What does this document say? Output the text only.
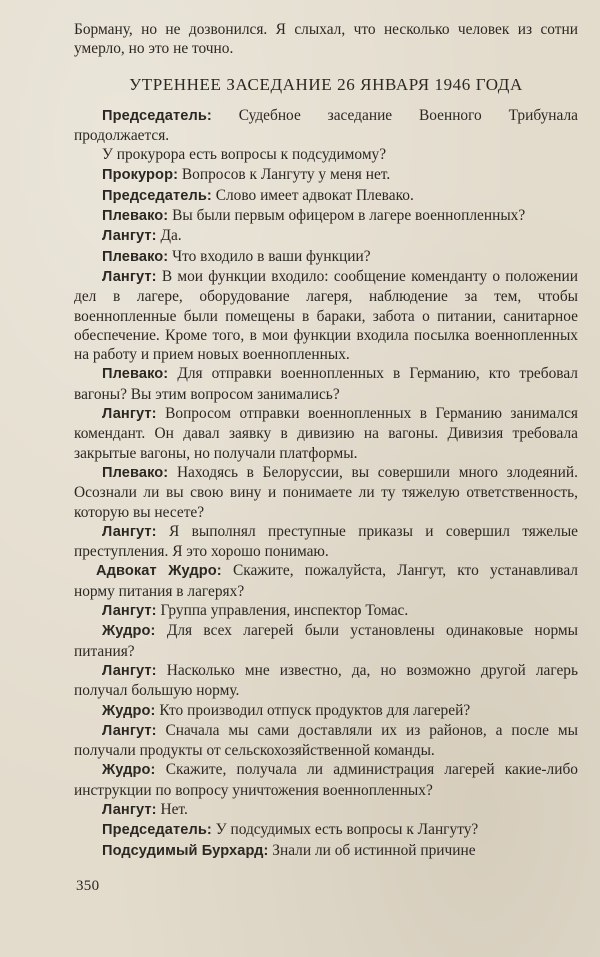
Борману, но не дозвонился. Я слыхал, что несколько человек из сотни умерло, но это не точно.

УТРЕННЕЕ ЗАСЕДАНИЕ 26 ЯНВАРЯ 1946 ГОДА

Председатель: Судебное заседание Военного Трибунала продолжается.

У прокурора есть вопросы к подсудимому?

Прокурор: Вопросов к Лангуту у меня нет.

Председатель: Слово имеет адвокат Плевако.

Плевако: Вы были первым офицером в лагере военнопленных?

Лангут: Да.

Плевако: Что входило в ваши функции?

Лангут: В мои функции входило: сообщение коменданту о положении дел в лагере, оборудование лагеря, наблюдение за тем, чтобы военнопленные были помещены в бараки, забота о питании, санитарное обеспечение. Кроме того, в мои функции входила посылка военнопленных на работу и прием новых военнопленных.

Плевако: Для отправки военнопленных в Германию, кто требовал вагоны? Вы этим вопросом занимались?

Лангут: Вопросом отправки военнопленных в Германию занимался комендант. Он давал заявку в дивизию на вагоны. Дивизия требовала закрытые вагоны, но получали платформы.

Плевако: Находясь в Белоруссии, вы совершили много злодеяний. Осознали ли вы свою вину и понимаете ли ту тяжелую ответственность, которую вы несете?

Лангут: Я выполнял преступные приказы и совершил тяжелые преступления. Я это хорошо понимаю.

Адвокат Жудро: Скажите, пожалуйста, Лангут, кто устанавливал норму питания в лагерях?

Лангут: Группа управления, инспектор Томас.

Жудро: Для всех лагерей были установлены одинаковые нормы питания?

Лангут: Насколько мне известно, да, но возможно другой лагерь получал большую норму.

Жудро: Кто производил отпуск продуктов для лагерей?

Лангут: Сначала мы сами доставляли их из районов, а после мы получали продукты от сельскохозяйственной команды.

Жудро: Скажите, получала ли администрация лагерей какие-либо инструкции по вопросу уничтожения военнопленных?

Лангут: Нет.

Председатель: У подсудимых есть вопросы к Лангуту?

Подсудимый Бурхард: Знали ли об истинной причине

350
